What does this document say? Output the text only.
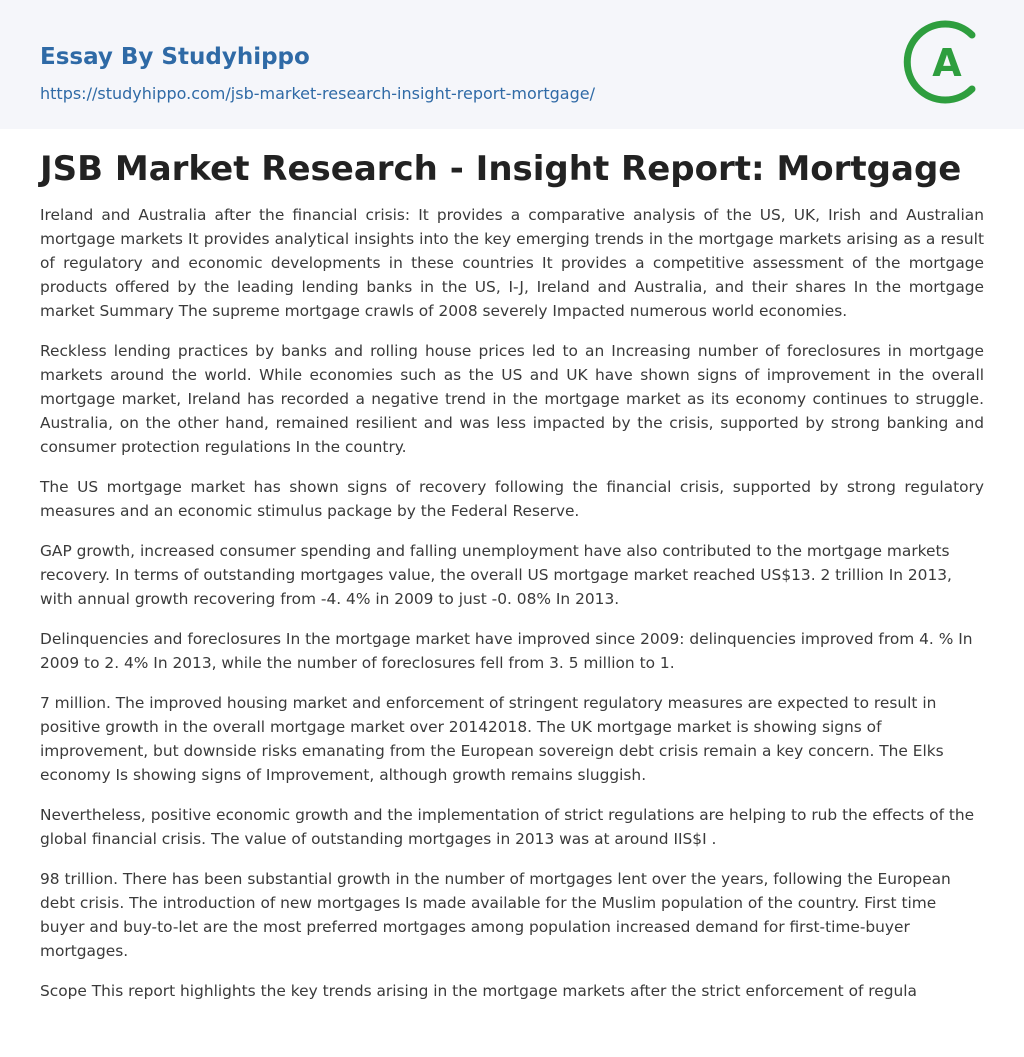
Essay By Studyhippo
https://studyhippo.com/jsb-market-research-insight-report-mortgage/
A
JSB Market Research - Insight Report: Mortgage

Ireland and Australia after the financial crisis: It provides a comparative analysis of the US, UK, Irish and Australian mortgage markets It provides analytical insights into the key emerging trends in the mortgage markets arising as a result of regulatory and economic developments in these countries It provides a competitive assessment of the mortgage products offered by the leading lending banks in the US, I-J, Ireland and Australia, and their shares In the mortgage market Summary The supreme mortgage crawls of 2008 severely Impacted numerous world economies.

Reckless lending practices by banks and rolling house prices led to an Increasing number of foreclosures in mortgage markets around the world. While economies such as the US and UK have shown signs of improvement in the overall mortgage market, Ireland has recorded a negative trend in the mortgage market as its economy continues to struggle. Australia, on the other hand, remained resilient and was less impacted by the crisis, supported by strong banking and consumer protection regulations In the country.

The US mortgage market has shown signs of recovery following the financial crisis, supported by strong regulatory measures and an economic stimulus package by the Federal Reserve.

GAP growth, increased consumer spending and falling unemployment have also contributed to the mortgage markets recovery. In terms of outstanding mortgages value, the overall US mortgage market reached US$13. 2 trillion In 2013, with annual growth recovering from -4. 4% in 2009 to just -0. 08% In 2013.

Delinquencies and foreclosures In the mortgage market have improved since 2009: delinquencies improved from 4. % In 2009 to 2. 4% In 2013, while the number of foreclosures fell from 3. 5 million to 1.

7 million. The improved housing market and enforcement of stringent regulatory measures are expected to result in positive growth in the overall mortgage market over 20142018. The UK mortgage market is showing signs of improvement, but downside risks emanating from the European sovereign debt crisis remain a key concern. The Elks economy Is showing signs of Improvement, although growth remains sluggish.

Nevertheless, positive economic growth and the implementation of strict regulations are helping to rub the effects of the global financial crisis. The value of outstanding mortgages in 2013 was at around IIS$I .

98 trillion. There has been substantial growth in the number of mortgages lent over the years, following the European debt crisis. The introduction of new mortgages Is made available for the Muslim population of the country. First time buyer and buy-to-let are the most preferred mortgages among population increased demand for first-time-buyer mortgages.

Scope This report highlights the key trends arising in the mortgage markets after the strict enforcement of regula
